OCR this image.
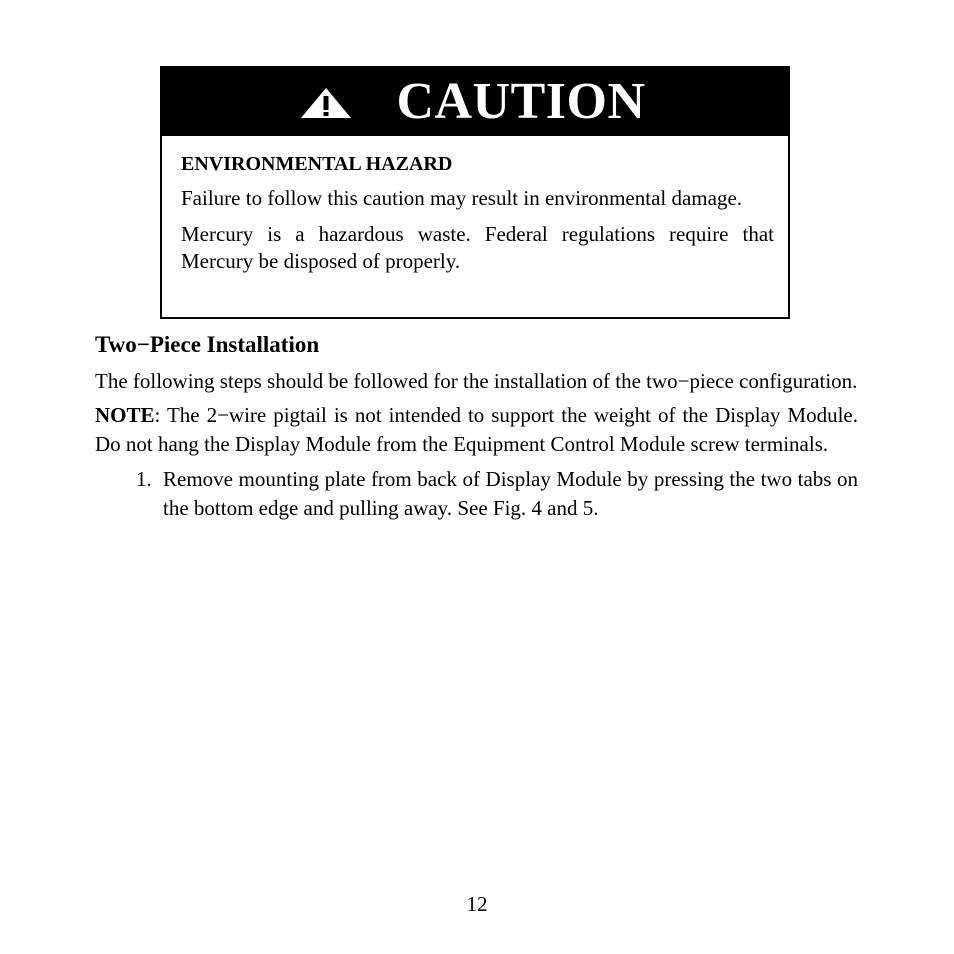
CAUTION

ENVIRONMENTAL HAZARD

Failure to follow this caution may result in environmental damage.

Mercury is a hazardous waste. Federal regulations require that Mercury be disposed of properly.

Two−Piece Installation

The following steps should be followed for the installation of the two−piece configuration.

NOTE: The 2−wire pigtail is not intended to support the weight of the Display Module. Do not hang the Display Module from the Equipment Control Module screw terminals.

1. Remove mounting plate from back of Display Module by pressing the two tabs on the bottom edge and pulling away. See Fig. 4 and 5.
12
